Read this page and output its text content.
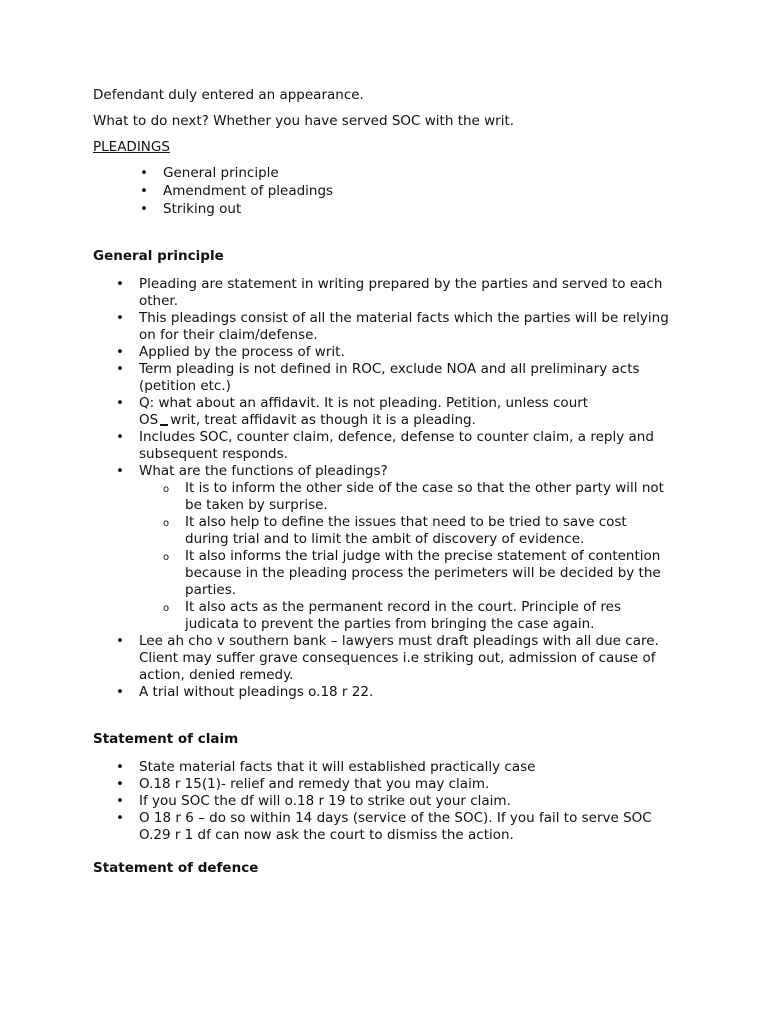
Defendant duly entered an appearance.

What to do next? Whether you have served SOC with the writ.

PLEADINGS

• General principle
• Amendment of pleadings
• Striking out
General principle
• Pleading are statement in writing prepared by the parties and served to each other.
• This pleadings consist of all the material facts which the parties will be relying on for their claim/defense.
• Applied by the process of writ.
• Term pleading is not defined in ROC, exclude NOA and all preliminary acts (petition etc.)
• Q: what about an affidavit. It is not pleading. Petition, unless court
OS writ, treat affidavit as though it is a pleading.
• Includes SOC, counter claim, defence, defense to counter claim, a reply and subsequent responds.
• What are the functions of pleadings?
o It is to inform the other side of the case so that the other party will not be taken by surprise.
o It also help to define the issues that need to be tried to save cost during trial and to limit the ambit of discovery of evidence.
o It also informs the trial judge with the precise statement of contention because in the pleading process the perimeters will be decided by the parties.
o It also acts as the permanent record in the court. Principle of res judicata to prevent the parties from bringing the case again.
• Lee ah cho v southern bank – lawyers must draft pleadings with all due care. Client may suffer grave consequences i.e striking out, admission of cause of action, denied remedy.
• A trial without pleadings o.18 r 22.
Statement of claim
• State material facts that it will established practically case
• O.18 r 15(1)- relief and remedy that you may claim.
• If you SOC the df will o.18 r 19 to strike out your claim.
• O 18 r 6 – do so within 14 days (service of the SOC). If you fail to serve SOC O.29 r 1 df can now ask the court to dismiss the action.
Statement of defence
